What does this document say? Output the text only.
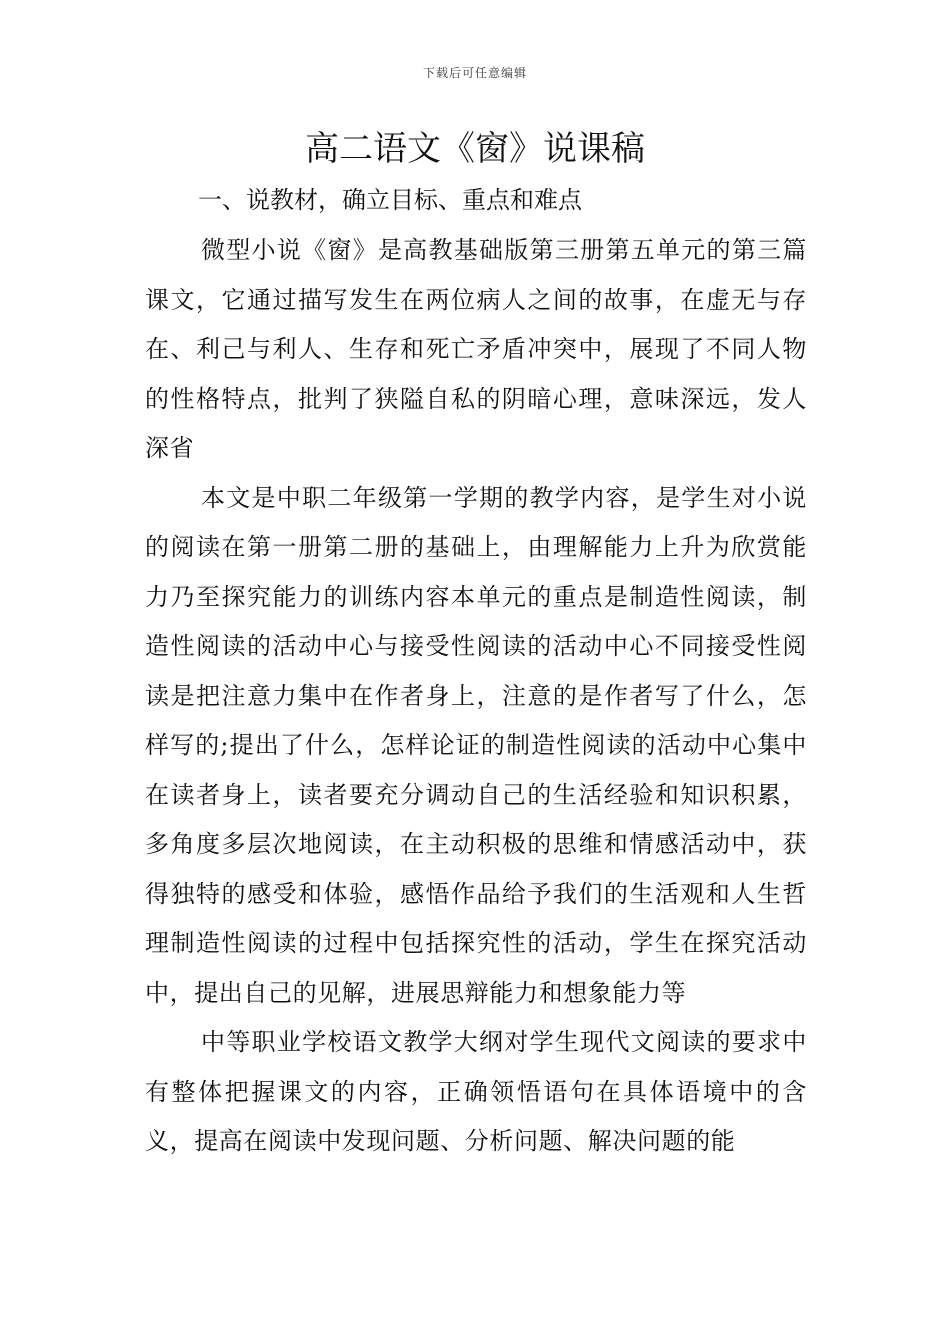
下载后可任意编辑
高二语文《窗》说课稿
一、说教材，确立目标、重点和难点

微型小说《窗》是高教基础版第三册第五单元的第三篇课文，它通过描写发生在两位病人之间的故事，在虚无与存在、利己与利人、生存和死亡矛盾冲突中，展现了不同人物的性格特点，批判了狭隘自私的阴暗心理，意味深远，发人深省

本文是中职二年级第一学期的教学内容，是学生对小说的阅读在第一册第二册的基础上，由理解能力上升为欣赏能力乃至探究能力的训练内容本单元的重点是制造性阅读，制造性阅读的活动中心与接受性阅读的活动中心不同接受性阅读是把注意力集中在作者身上，注意的是作者写了什么，怎样写的;提出了什么，怎样论证的制造性阅读的活动中心集中在读者身上，读者要充分调动自己的生活经验和知识积累，多角度多层次地阅读，在主动积极的思维和情感活动中，获得独特的感受和体验，感悟作品给予我们的生活观和人生哲理制造性阅读的过程中包括探究性的活动，学生在探究活动中，提出自己的见解，进展思辩能力和想象能力等

中等职业学校语文教学大纲对学生现代文阅读的要求中有整体把握课文的内容，正确领悟语句在具体语境中的含义，提高在阅读中发现问题、分析问题、解决问题的能
